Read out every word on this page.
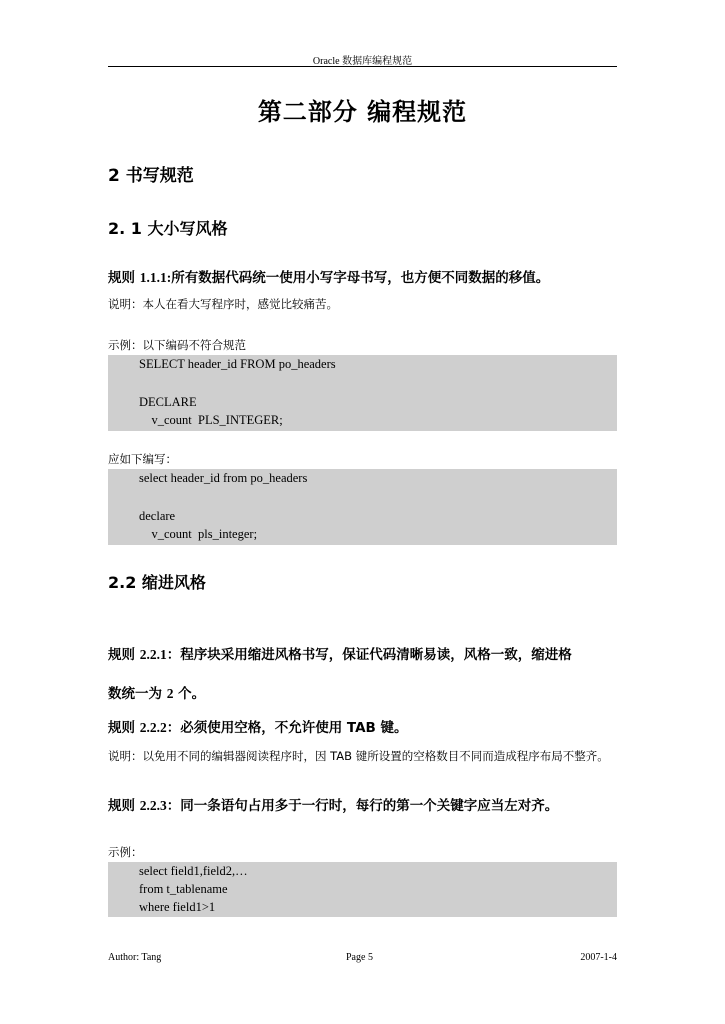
Oracle 数据库编程规范
第二部分 编程规范
2 书写规范
2. 1 大小写风格
规则 1.1.1:所有数据代码统一使用小写字母书写，也方便不同数据的移值。
说明：本人在看大写程序时，感觉比较痛苦。
示例：以下编码不符合规范
SELECT header_id FROM po_headers
DECLARE
v_count  PLS_INTEGER;
应如下编写：
select header_id from po_headers
declare
v_count  pls_integer;
2.2 缩进风格
规则 2.2.1：程序块采用缩进风格书写，保证代码清晰易读，风格一致，缩进格
数统一为 2 个。
规则 2.2.2：必须使用空格，不允许使用 TAB 键。
说明：以免用不同的编辑器阅读程序时，因 TAB 键所设置的空格数目不同而造成程序布局不整齐。
规则 2.2.3：同一条语句占用多于一行时，每行的第一个关键字应当左对齐。
示例：
select field1,field2,…
from t_tablename
where field1>1
Author: Tang	Page 5	2007-1-4
